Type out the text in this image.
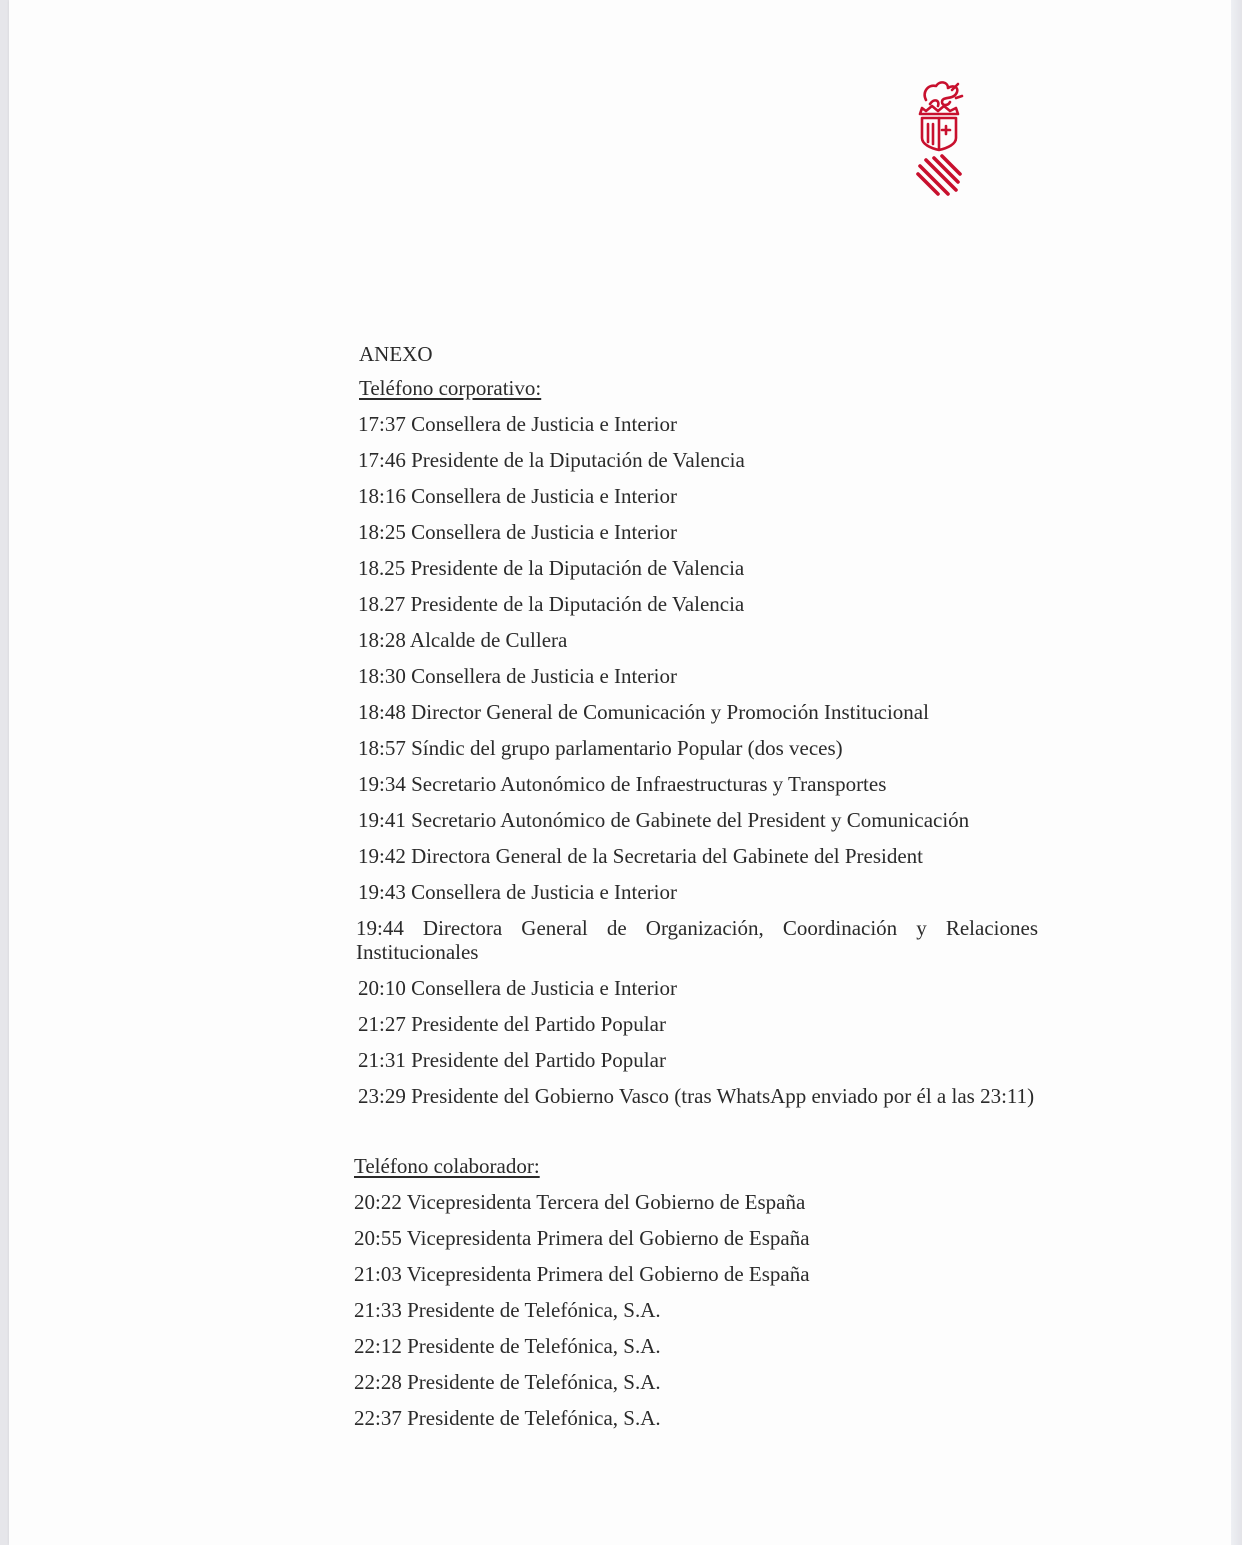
ANEXO
Teléfono corporativo:
17:37 Consellera de Justicia e Interior
17:46 Presidente de la Diputación de Valencia
18:16 Consellera de Justicia e Interior
18:25 Consellera de Justicia e Interior
18.25 Presidente de la Diputación de Valencia
18.27 Presidente de la Diputación de Valencia
18:28 Alcalde de Cullera
18:30 Consellera de Justicia e Interior
18:48 Director General de Comunicación y Promoción Institucional
18:57 Síndic del grupo parlamentario Popular (dos veces)
19:34 Secretario Autonómico de Infraestructuras y Transportes
19:41 Secretario Autonómico de Gabinete del President y Comunicación
19:42 Directora General de la Secretaria del Gabinete del President
19:43 Consellera de Justicia e Interior
19:44 Directora General de Organización, Coordinación y Relaciones Institucionales
20:10 Consellera de Justicia e Interior
21:27 Presidente del Partido Popular
21:31 Presidente del Partido Popular
23:29 Presidente del Gobierno Vasco (tras WhatsApp enviado por él a las 23:11)
Teléfono colaborador:
20:22 Vicepresidenta Tercera del Gobierno de España
20:55 Vicepresidenta Primera del Gobierno de España
21:03 Vicepresidenta Primera del Gobierno de España
21:33 Presidente de Telefónica, S.A.
22:12 Presidente de Telefónica, S.A.
22:28 Presidente de Telefónica, S.A.
22:37 Presidente de Telefónica, S.A.
